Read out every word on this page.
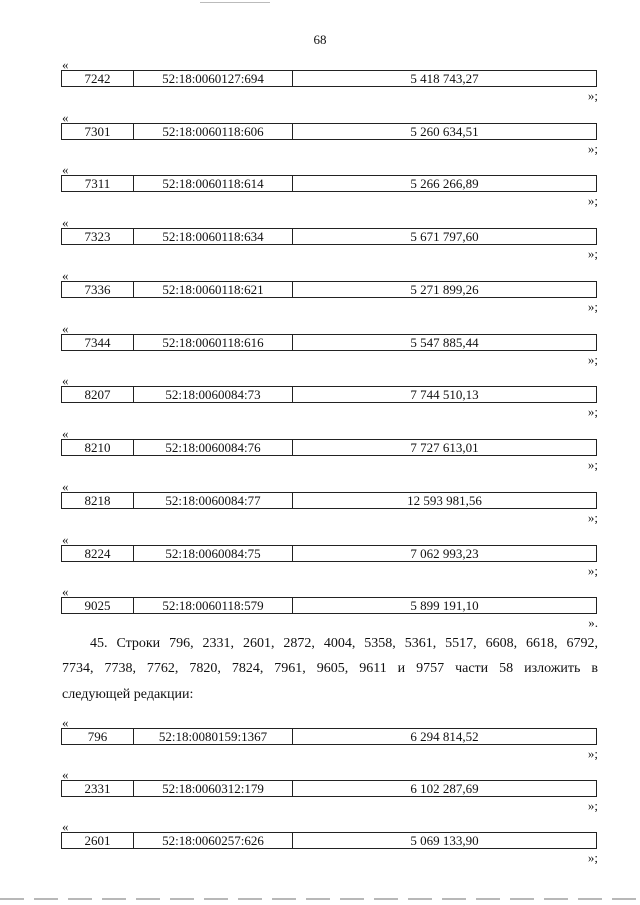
68
«
7242	52:18:0060127:694	5 418 743,27
»;
«
7301	52:18:0060118:606	5 260 634,51
»;
«
7311	52:18:0060118:614	5 266 266,89
»;
«
7323	52:18:0060118:634	5 671 797,60
»;
«
7336	52:18:0060118:621	5 271 899,26
»;
«
7344	52:18:0060118:616	5 547 885,44
»;
«
8207	52:18:0060084:73	7 744 510,13
»;
«
8210	52:18:0060084:76	7 727 613,01
»;
«
8218	52:18:0060084:77	12 593 981,56
»;
«
8224	52:18:0060084:75	7 062 993,23
»;
«
9025	52:18:0060118:579	5 899 191,10
».
45. Строки 796, 2331, 2601, 2872, 4004, 5358, 5361, 5517, 6608, 6618, 6792,
7734, 7738, 7762, 7820, 7824, 7961, 9605, 9611 и 9757 части 58 изложить в
следующей редакции:
«
796	52:18:0080159:1367	6 294 814,52
»;
«
2331	52:18:0060312:179	6 102 287,69
»;
«
2601	52:18:0060257:626	5 069 133,90
»;
